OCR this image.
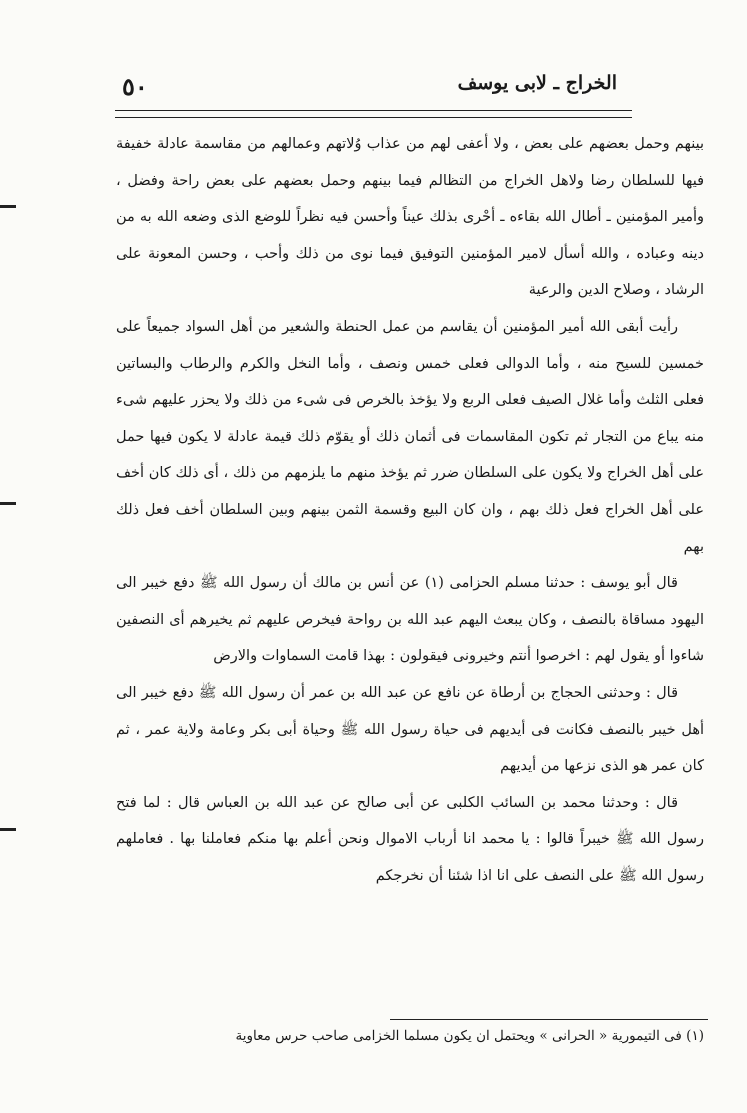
٥٠	الخراج ـ لابى يوسف

بينهم وحمل بعضهم على بعض ، ولا أعفى لهم من عذاب وُلاتهم وعمالهم من مقاسمة عادلة خفيفة فيها للسلطان رضا ولاهل الخراج من التظالم فيما بينهم وحمل بعضهم على بعض راحة وفضل ، وأمير المؤمنين ـ أطال الله بقاءه ـ أحْرى بذلك عيناً وأحسن فيه نظراً للوضع الذى وضعه الله به من دينه وعباده ، والله أسأل لامير المؤمنين التوفيق فيما نوى من ذلك وأحب ، وحسن المعونة على الرشاد ، وصلاح الدين والرعية

رأيت أبقى الله أمير المؤمنين أن يقاسم من عمل الحنطة والشعير من أهل السواد جميعاً على خمسين للسيح منه ، وأما الدوالى فعلى خمس ونصف ، وأما النخل والكرم والرطاب والبساتين فعلى الثلث وأما غلال الصيف فعلى الربع ولا يؤخذ بالخرص فى شىء من ذلك ولا يحزر عليهم شىء منه يباع من التجار ثم تكون المقاسمات فى أثمان ذلك أو يقوّم ذلك قيمة عادلة لا يكون فيها حمل على أهل الخراج ولا يكون على السلطان ضرر ثم يؤخذ منهم ما يلزمهم من ذلك ، أى ذلك كان أخف على أهل الخراج فعل ذلك بهم ، وان كان البيع وقسمة الثمن بينهم وبين السلطان أخف فعل ذلك بهم

قال أبو يوسف : حدثنا مسلم الحزامى (١) عن أنس بن مالك أن رسول الله ﷺ دفع خيبر الى اليهود مساقاة بالنصف ، وكان يبعث اليهم عبد الله بن رواحة فيخرص عليهم ثم يخيرهم أى النصفين شاءوا أو يقول لهم : اخرصوا أنتم وخيرونى فيقولون : بهذا قامت السماوات والارض

قال : وحدثنى الحجاج بن أرطاة عن نافع عن عبد الله بن عمر أن رسول الله ﷺ دفع خيبر الى أهل خيبر بالنصف فكانت فى أيديهم فى حياة رسول الله ﷺ وحياة أبى بكر وعامة ولاية عمر ، ثم كان عمر هو الذى نزعها من أيديهم

قال : وحدثنا محمد بن السائب الكلبى عن أبى صالح عن عبد الله بن العباس قال : لما فتح رسول الله ﷺ خيبراً قالوا : يا محمد انا أرباب الاموال ونحن أعلم بها منكم فعاملنا بها . فعاملهم رسول الله ﷺ على النصف على انا اذا شئنا أن نخرجكم

(١) فى التيمورية « الحرانى » ويحتمل ان يكون مسلما الخزامى صاحب حرس معاوية
